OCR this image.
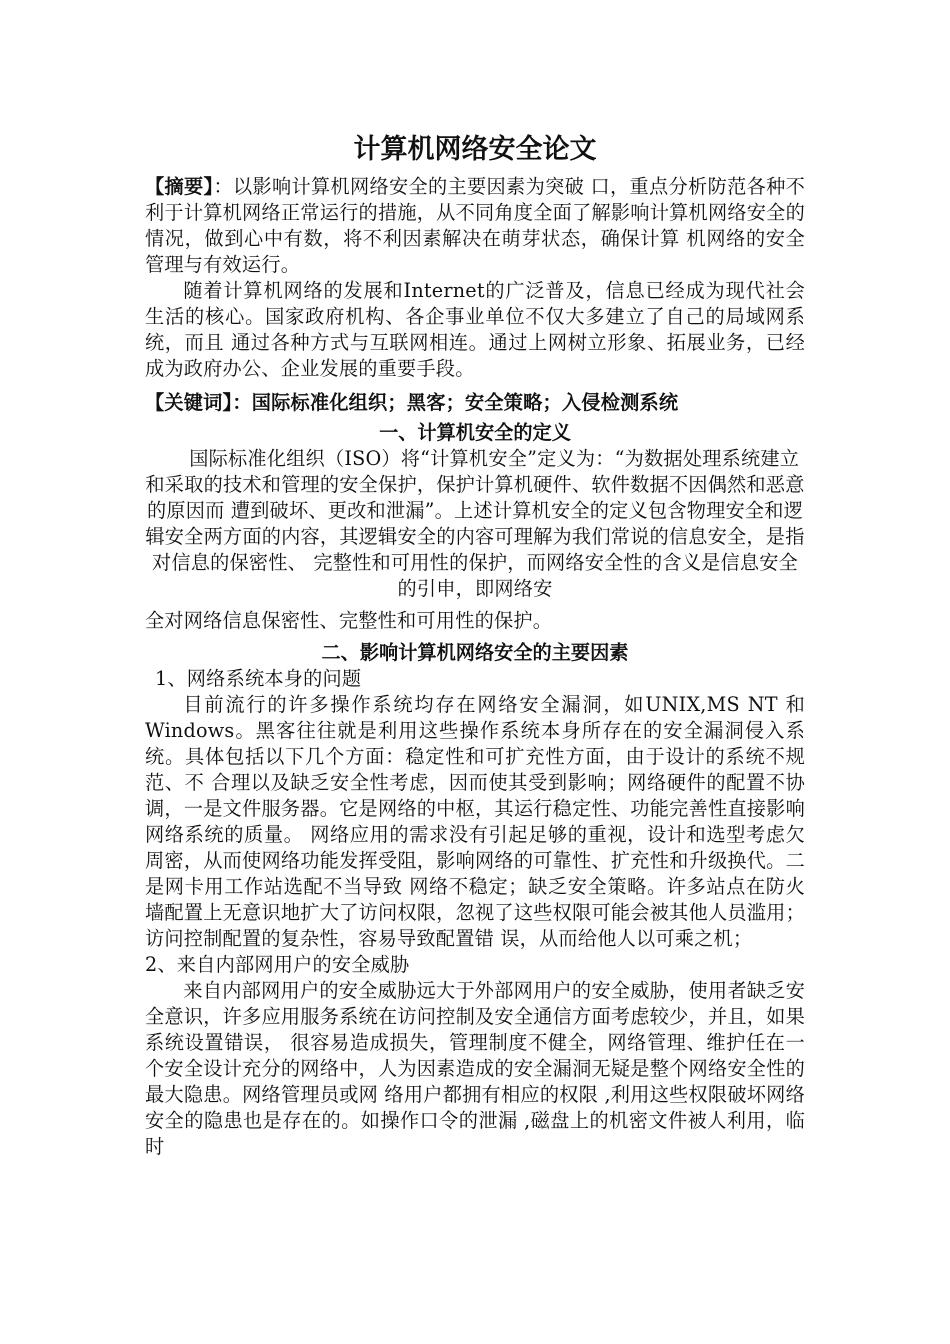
计算机网络安全论文

【摘要】：以影响计算机网络安全的主要因素为突破 口，重点分析防范各种不利于计算机网络正常运行的措施，从不同角度全面了解影响计算机网络安全的情况，做到心中有数，将不利因素解决在萌芽状态，确保计算 机网络的安全管理与有效运行。

随着计算机网络的发展和Internet的广泛普及，信息已经成为现代社会生活的核心。国家政府机构、各企事业单位不仅大多建立了自己的局域网系统，而且 通过各种方式与互联网相连。通过上网树立形象、拓展业务，已经成为政府办公、企业发展的重要手段。

【关键词】：国际标准化组织；黑客；安全策略；入侵检测系统

一、计算机安全的定义

国际标准化组织（ISO）将“计算机安全”定义为：“为数据处理系统建立和采取的技术和管理的安全保护，保护计算机硬件、软件数据不因偶然和恶意的原因而 遭到破坏、更改和泄漏”。上述计算机安全的定义包含物理安全和逻辑安全两方面的内容，其逻辑安全的内容可理解为我们常说的信息安全，是指对信息的保密性、 完整性和可用性的保护，而网络安全性的含义是信息安全的引申，即网络安

全对网络信息保密性、完整性和可用性的保护。

二、影响计算机网络安全的主要因素

1、网络系统本身的问题

目前流行的许多操作系统均存在网络安全漏洞，如UNIX,MS NT 和Windows。黑客往往就是利用这些操作系统本身所存在的安全漏洞侵入系统。具体包括以下几个方面：稳定性和可扩充性方面，由于设计的系统不规范、不 合理以及缺乏安全性考虑，因而使其受到影响；网络硬件的配置不协调，一是文件服务器。它是网络的中枢，其运行稳定性、功能完善性直接影响网络系统的质量。 网络应用的需求没有引起足够的重视，设计和选型考虑欠周密，从而使网络功能发挥受阻，影响网络的可靠性、扩充性和升级换代。二是网卡用工作站选配不当导致 网络不稳定；缺乏安全策略。许多站点在防火墙配置上无意识地扩大了访问权限，忽视了这些权限可能会被其他人员滥用；访问控制配置的复杂性，容易导致配置错 误，从而给他人以可乘之机；

2、来自内部网用户的安全威胁

来自内部网用户的安全威胁远大于外部网用户的安全威胁，使用者缺乏安全意识，许多应用服务系统在访问控制及安全通信方面考虑较少，并且，如果系统设置错误， 很容易造成损失，管理制度不健全，网络管理、维护任在一个安全设计充分的网络中，人为因素造成的安全漏洞无疑是整个网络安全性的最大隐患。网络管理员或网 络用户都拥有相应的权限 ,利用这些权限破坏网络安全的隐患也是存在的。如操作口令的泄漏 ,磁盘上的机密文件被人利用，临时
